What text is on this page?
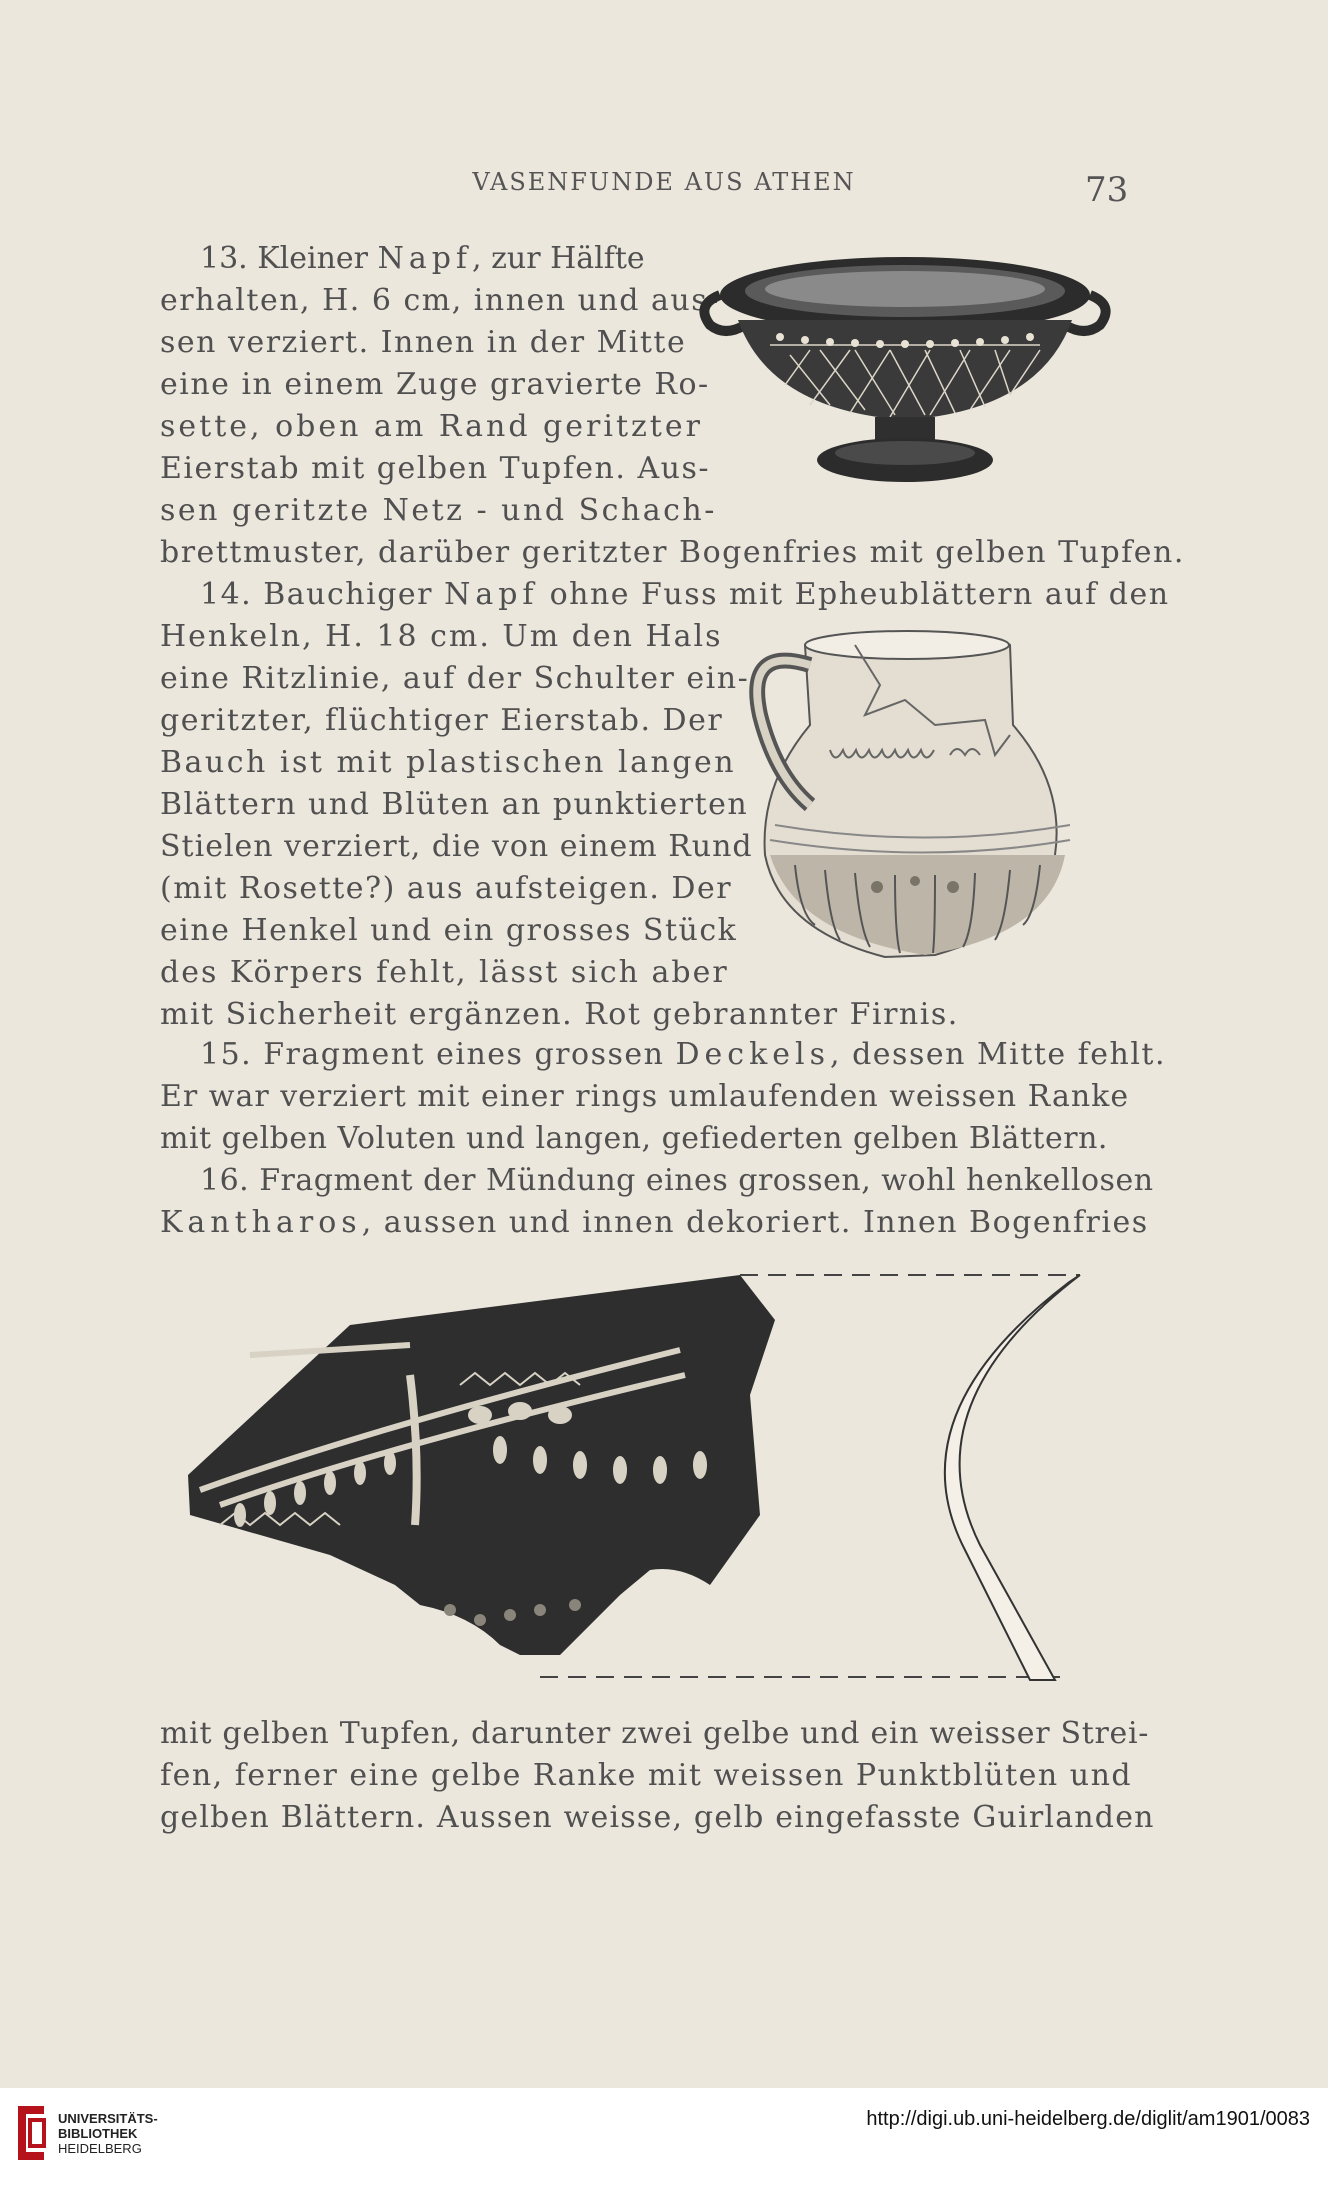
VASENFUNDE AUS ATHEN	73
13. Kleiner Napf, zur Hälfte
erhalten, H. 6 cm, innen und aus-
sen verziert. Innen in der Mitte
eine in einem Zuge gravierte Ro-
sette, oben am Rand geritzter
Eierstab mit gelben Tupfen. Aus-
sen geritzte Netz - und Schach-
brettmuster, darüber geritzter Bogenfries mit gelben Tupfen.
14. Bauchiger Napf ohne Fuss mit Epheublättern auf den
Henkeln, H. 18 cm. Um den Hals
eine Ritzlinie, auf der Schulter ein-
geritzter, flüchtiger Eierstab. Der
Bauch ist mit plastischen langen
Blättern und Blüten an punktierten
Stielen verziert, die von einem Rund
(mit Rosette?) aus aufsteigen. Der
eine Henkel und ein grosses Stück
des Körpers fehlt, lässt sich aber
mit Sicherheit ergänzen. Rot gebrannter Firnis.
15. Fragment eines grossen Deckels, dessen Mitte fehlt.
Er war verziert mit einer rings umlaufenden weissen Ranke
mit gelben Voluten und langen, gefiederten gelben Blättern.
16. Fragment der Mündung eines grossen, wohl henkellosen
Kantharos, aussen und innen dekoriert. Innen Bogenfries
mit gelben Tupfen, darunter zwei gelbe und ein weisser Strei-
fen, ferner eine gelbe Ranke mit weissen Punktblüten und
gelben Blättern. Aussen weisse, gelb eingefasste Guirlanden
UNIVERSITÄTS-
BIBLIOTHEK
HEIDELBERG
http://digi.ub.uni-heidelberg.de/diglit/am1901/0083
